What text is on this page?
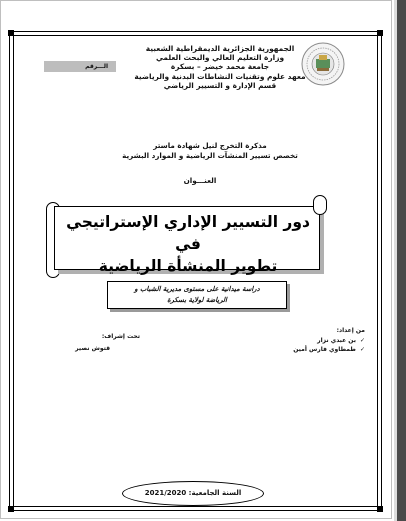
الجمهورية الجزائرية الديمقراطية الشعبية
وزارة التعليم العالي والبحث العلمي
جامعة محمد خيضر – بسكرة
معهد علوم وتقنيات النشاطات البدنية والرياضية
قسم الإدارة و التسيير الرياضي
الـــرقم
مذكرة التخرج لنيل شهادة ماستر
تخصص تسيير المنشآت الرياضية و الموارد البشرية
العنـــوان
دور التسيير الإداري الإستراتيجي في
تطوير المنشأة الرياضية
دراسة ميدانية على مستوى مديرية الشباب و
الرياضة لولاية بسكرة
من إعداد:
✓بن عبدي نزار
✓طمطاوي فارس أمين
تحت إشراف:
قتوش نصير
السنة الجامعية: 2021/2020
